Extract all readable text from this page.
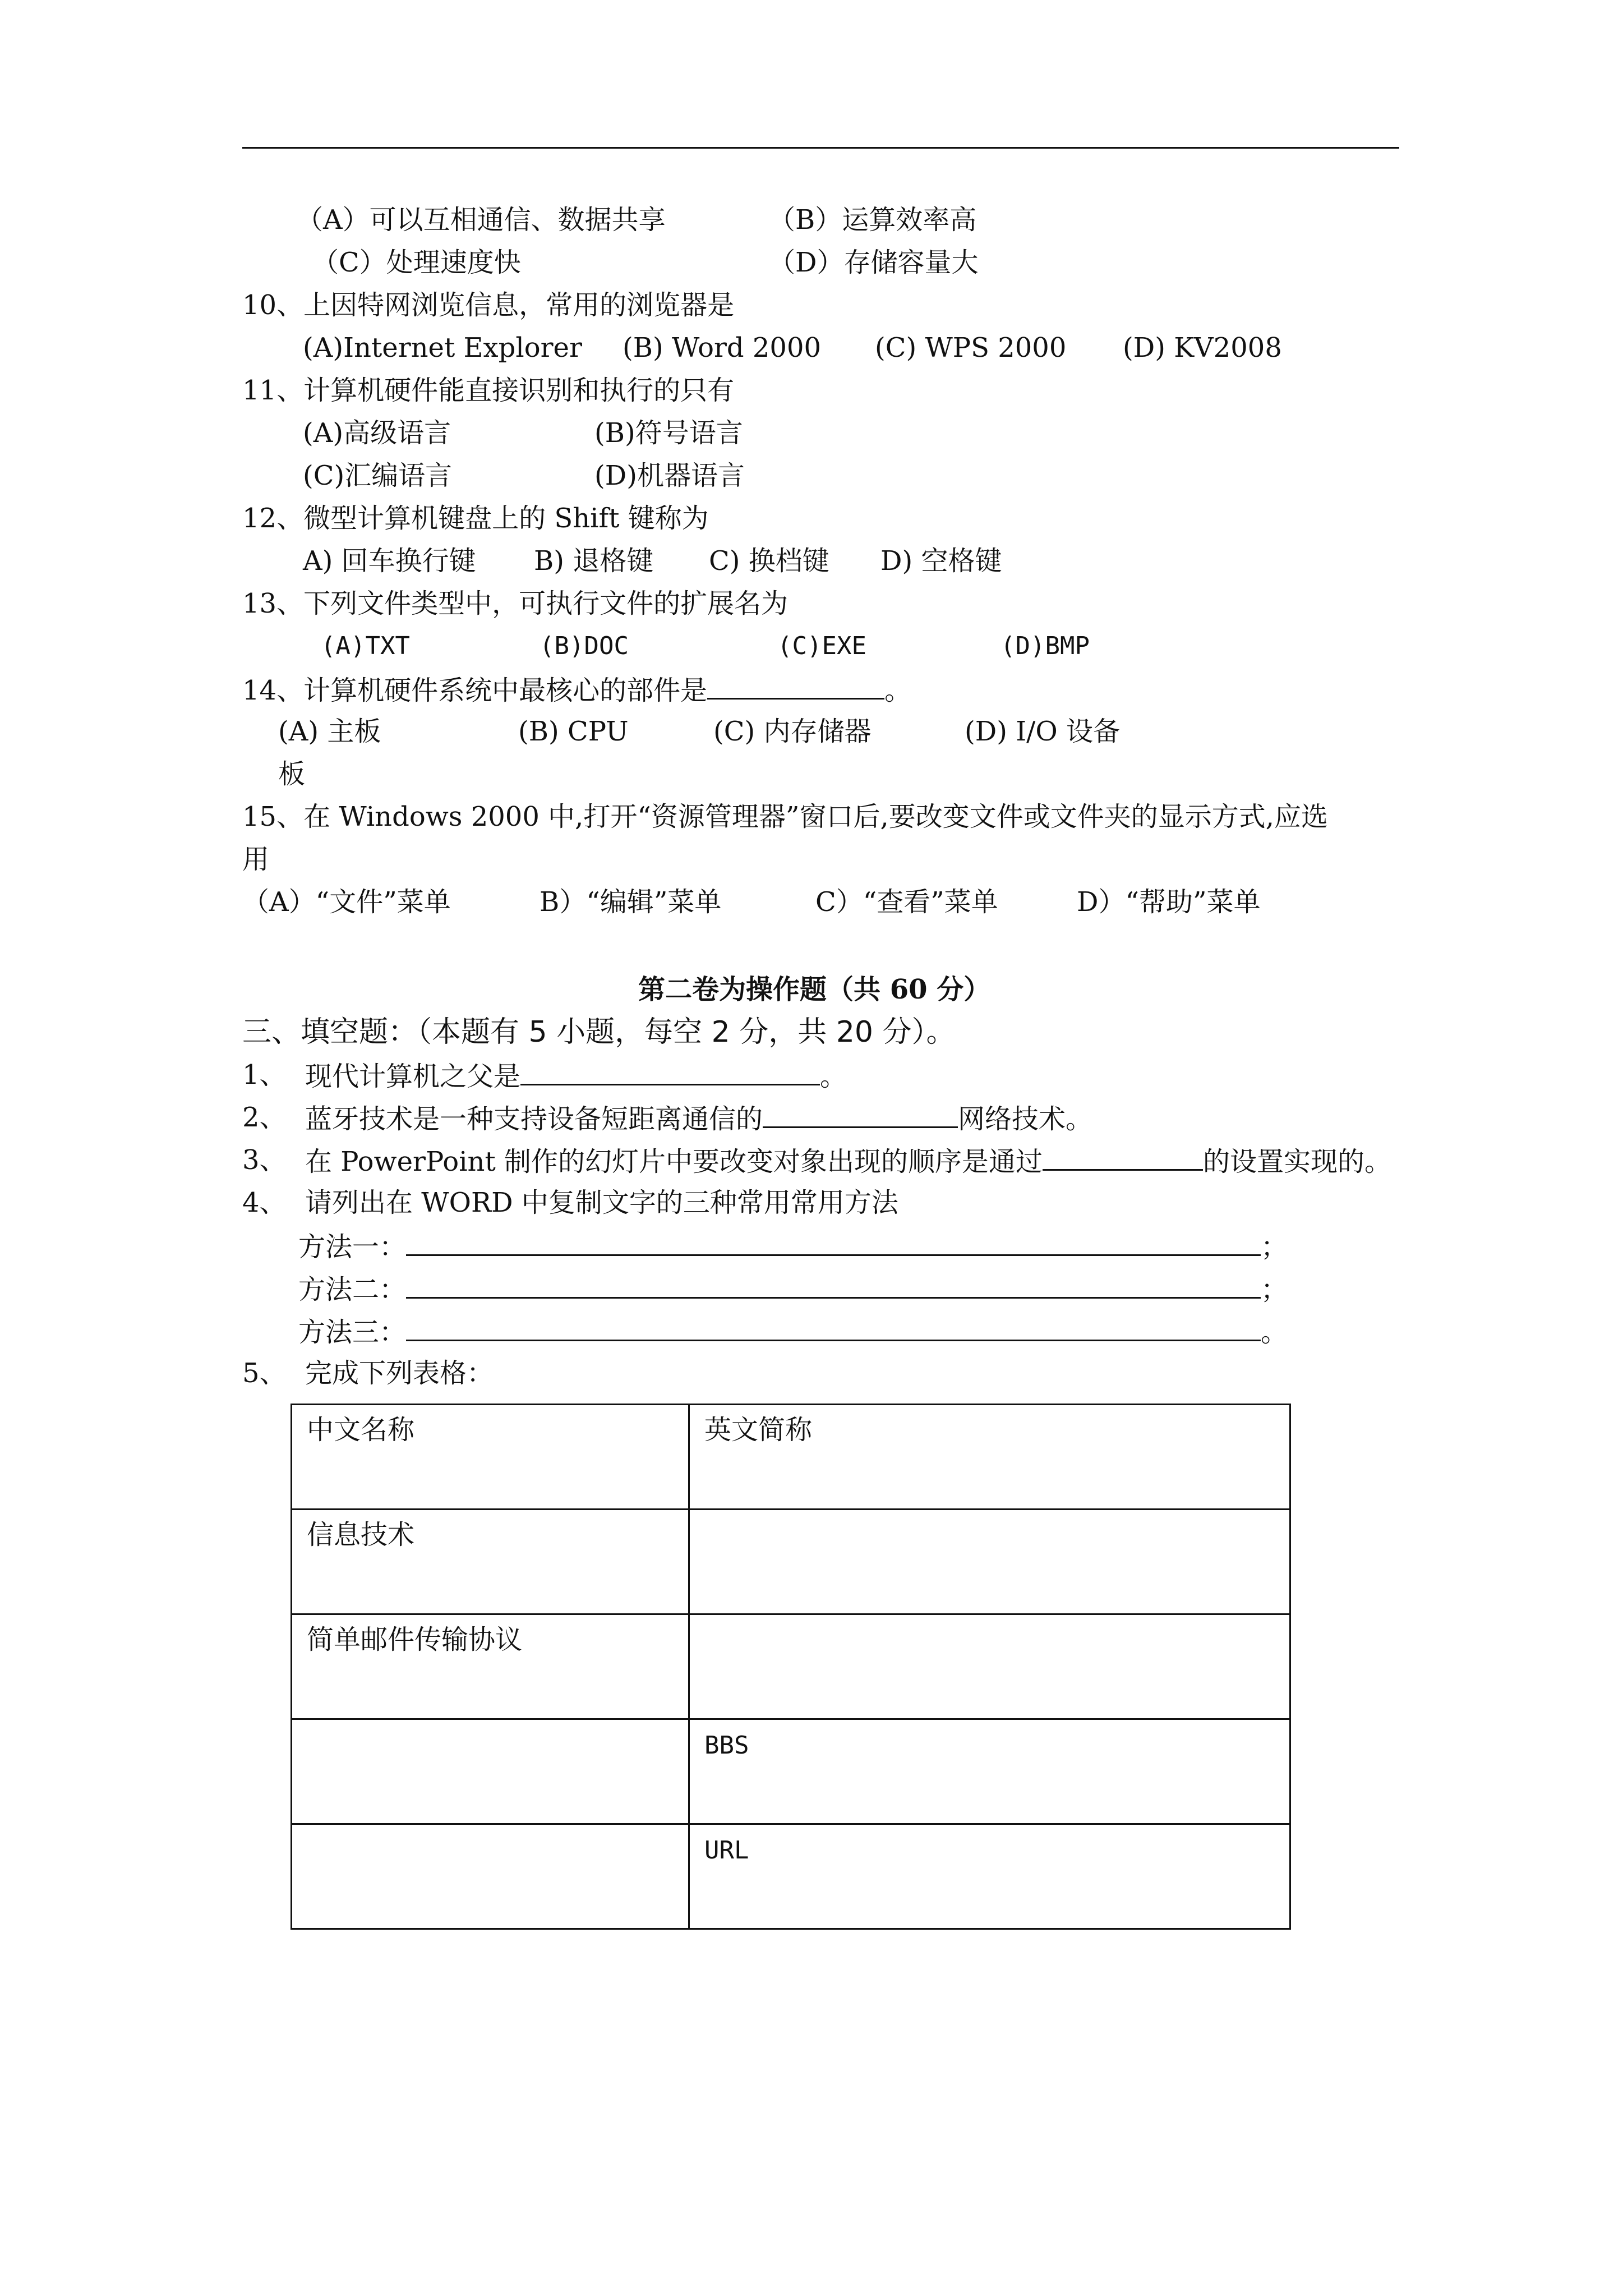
（A）可以互相通信、数据共享	（B）运算效率高
（C）处理速度快	（D）存储容量大
10、上因特网浏览信息，常用的浏览器是
(A)Internet Explorer (B) Word 2000 (C) WPS 2000 (D) KV2008
11、计算机硬件能直接识别和执行的只有
(A)高级语言	(B)符号语言
(C)汇编语言	(D)机器语言
12、微型计算机键盘上的 Shift 键称为
A) 回车换行键 B) 退格键 C) 换档键 D) 空格键
13、下列文件类型中，可执行文件的扩展名为
(A)TXT	(B)DOC	(C)EXE	(D)BMP
14、计算机硬件系统中最核心的部件是	。
(A) 主板	(B) CPU	(C) 内存储器	(D) I/O 设备
板
15、在 Windows 2000 中,打开“资源管理器”窗口后,要改变文件或文件夹的显示方式,应选
用
（A）“文件”菜单	B）“编辑”菜单	C）“查看”菜单	D）“帮助”菜单
第二卷为操作题（共 60 分）
三、填空题：（本题有 5 小题，每空 2 分，共 20 分）。
1、 现代计算机之父是	。
2、 蓝牙技术是一种支持设备短距离通信的	网络技术。
3、 在 PowerPoint 制作的幻灯片中要改变对象出现的顺序是通过	的设置实现的。
4、 请列出在 WORD 中复制文字的三种常用常用方法
方法一：	；
方法二：	；
方法三：	。
5、 完成下列表格：
中文名称	英文简称
信息技术	
简单邮件传输协议	
	BBS
	URL
